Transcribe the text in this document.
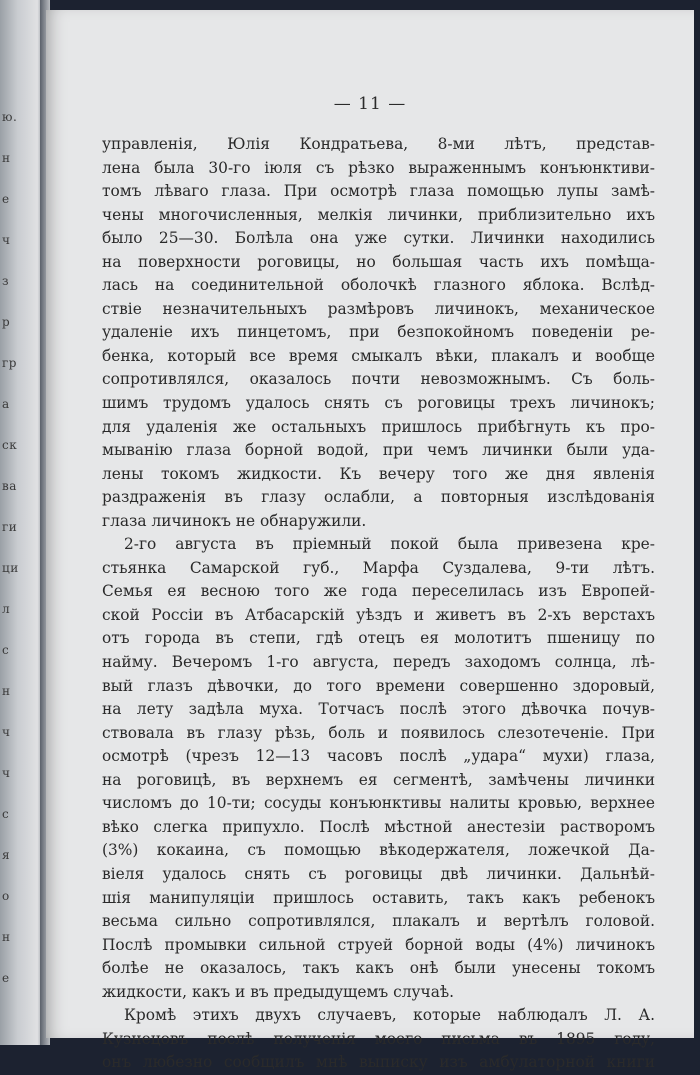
ю.
н
е
ч
з
р
гр
а
ск
ва
ги
ци
л
с
н
ч
ч
с
я
о
н
е
— 11 —
управленія, Юлія Кондратьева, 8-ми лѣтъ, представ-
лена была 30-го іюля съ рѣзко выраженнымъ конъюнктиви-
томъ лѣваго глаза. При осмотрѣ глаза помощью лупы замѣ-
чены многочисленныя, мелкія личинки, приблизительно ихъ
было 25—30. Болѣла она уже сутки. Личинки находились
на поверхности роговицы, но большая часть ихъ помѣща-
лась на соединительной оболочкѣ глазного яблока. Вслѣд-
ствіе незначительныхъ размѣровъ личинокъ, механическое
удаленіе ихъ пинцетомъ, при безпокойномъ поведеніи ре-
бенка, который все время смыкалъ вѣки, плакалъ и вообще
сопротивлялся, оказалось почти невозможнымъ. Съ боль-
шимъ трудомъ удалось снять съ роговицы трехъ личинокъ;
для удаленія же остальныхъ пришлось прибѣгнуть къ про-
мыванію глаза борной водой, при чемъ личинки были уда-
лены токомъ жидкости. Къ вечеру того же дня явленія
раздраженія въ глазу ослабли, а повторныя изслѣдованія
глаза личинокъ не обнаружили.
2-го августа въ пріемный покой была привезена кре-
стьянка Самарской губ., Марфа Суздалева, 9-ти лѣтъ.
Семья ея весною того же года переселилась изъ Европей-
ской Россіи въ Атбасарскій уѣздъ и живетъ въ 2-хъ верстахъ
отъ города въ степи, гдѣ отецъ ея молотитъ пшеницу по
найму. Вечеромъ 1-го августа, передъ заходомъ солнца, лѣ-
вый глазъ дѣвочки, до того времени совершенно здоровый,
на лету задѣла муха. Тотчасъ послѣ этого дѣвочка почув-
ствовала въ глазу рѣзь, боль и появилось слезотеченіе. При
осмотрѣ (чрезъ 12—13 часовъ послѣ „удара“ мухи) глаза,
на роговицѣ, въ верхнемъ ея сегментѣ, замѣчены личинки
числомъ до 10-ти; сосуды конъюнктивы налиты кровью, верхнее
вѣко слегка припухло. Послѣ мѣстной анестезіи растворомъ
(3%) кокаина, съ помощью вѣкодержателя, ложечкой Да-
віеля удалось снять съ роговицы двѣ личинки. Дальнѣй-
шія манипуляціи пришлось оставить, такъ какъ ребенокъ
весьма сильно сопротивлялся, плакалъ и вертѣлъ головой.
Послѣ промывки сильной струей борной воды (4%) личинокъ
болѣе не оказалось, такъ какъ онѣ были унесены токомъ
жидкости, какъ и въ предыдущемъ случаѣ.
Кромѣ этихъ двухъ случаевъ, которые наблюдалъ Л. А.
Кузнецовъ послѣ полученія моего письма въ 1895 году,
онъ любезно сообщилъ мнѣ выписку изъ амбулаторной книги
